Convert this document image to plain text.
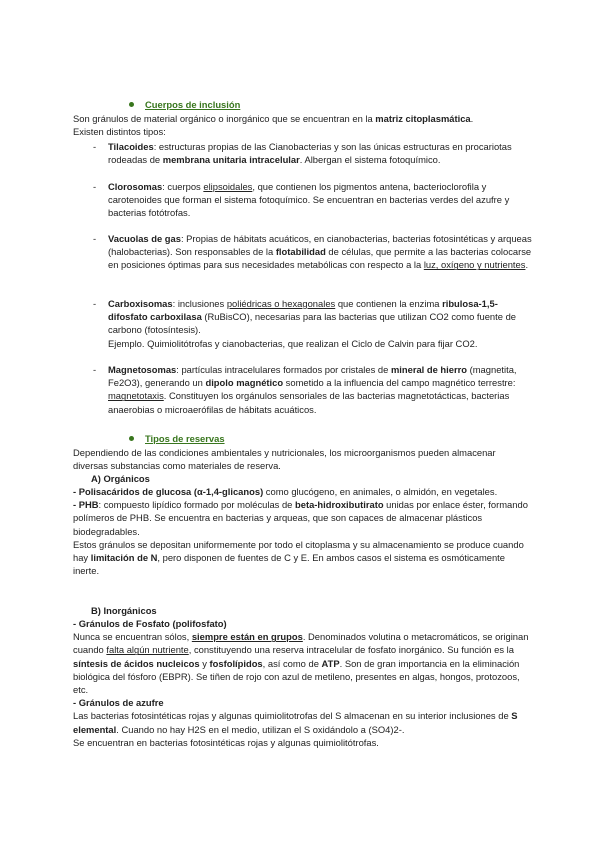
Cuerpos de inclusión

Son gránulos de material orgánico o inorgánico que se encuentran en la matriz citoplasmática.

Existen distintos tipos:

- Tilacoides: estructuras propias de las Cianobacterias y son las únicas estructuras en procariotas rodeadas de membrana unitaria intracelular. Albergan el sistema fotoquímico.
- Clorosomas: cuerpos elipsoidales, que contienen los pigmentos antena, bacterioclorofila y carotenoides que forman el sistema fotoquímico. Se encuentran en bacterias verdes del azufre y bacterias fotótrofas.
- Vacuolas de gas: Propias de hábitats acuáticos, en cianobacterias, bacterias fotosintéticas y arqueas (halobacterias). Son responsables de la flotabilidad de células, que permite a las bacterias colocarse en posiciones óptimas para sus necesidades metabólicas con respecto a la luz, oxígeno y nutrientes.
- Carboxisomas: inclusiones poliédricas o hexagonales que contienen la enzima ribulosa-1,5-difosfato carboxilasa (RuBisCO), necesarias para las bacterias que utilizan CO2 como fuente de carbono (fotosíntesis).

Ejemplo. Quimiolitótrofas y cianobacterias, que realizan el Ciclo de Calvin para fijar CO2.

- Magnetosomas: partículas intracelulares formados por cristales de mineral de hierro (magnetita, Fe2O3), generando un dipolo magnético sometido a la influencia del campo magnético terrestre: magnetotaxis. Constituyen los orgánulos sensoriales de las bacterias magnetotácticas, bacterias anaerobias o microaerófilas de hábitats acuáticos.
Tipos de reservas

Dependiendo de las condiciones ambientales y nutricionales, los microorganismos pueden almacenar diversas substancias como materiales de reserva.

A) Orgánicos

- Polisacáridos de glucosa (α-1,4-glicanos) como glucógeno, en animales, o almidón, en vegetales.

- PHB: compuesto lipídico formado por moléculas de beta-hidroxibutirato unidas por enlace éster, formando polímeros de PHB. Se encuentra en bacterias y arqueas, que son capaces de almacenar plásticos biodegradables.

Estos gránulos se depositan uniformemente por todo el citoplasma y su almacenamiento se produce cuando hay limitación de N, pero disponen de fuentes de C y E. En ambos casos el sistema es osmóticamente inerte.

B) Inorgánicos

- Gránulos de Fosfato (polifosfato)

Nunca se encuentran sólos, siempre están en grupos. Denominados volutina o metacromáticos, se originan cuando falta algún nutriente, constituyendo una reserva intracelular de fosfato inorgánico. Su función es la síntesis de ácidos nucleicos y fosfolípidos, así como de ATP. Son de gran importancia en la eliminación biológica del fósforo (EBPR). Se tiñen de rojo con azul de metileno, presentes en algas, hongos, protozoos, etc.

- Gránulos de azufre

Las bacterias fotosintéticas rojas y algunas quimiolitotrofas del S almacenan en su interior inclusiones de S elemental. Cuando no hay H2S en el medio, utilizan el S oxidándolo a (SO4)2-.

Se encuentran en bacterias fotosintéticas rojas y algunas quimiolitótrofas.
